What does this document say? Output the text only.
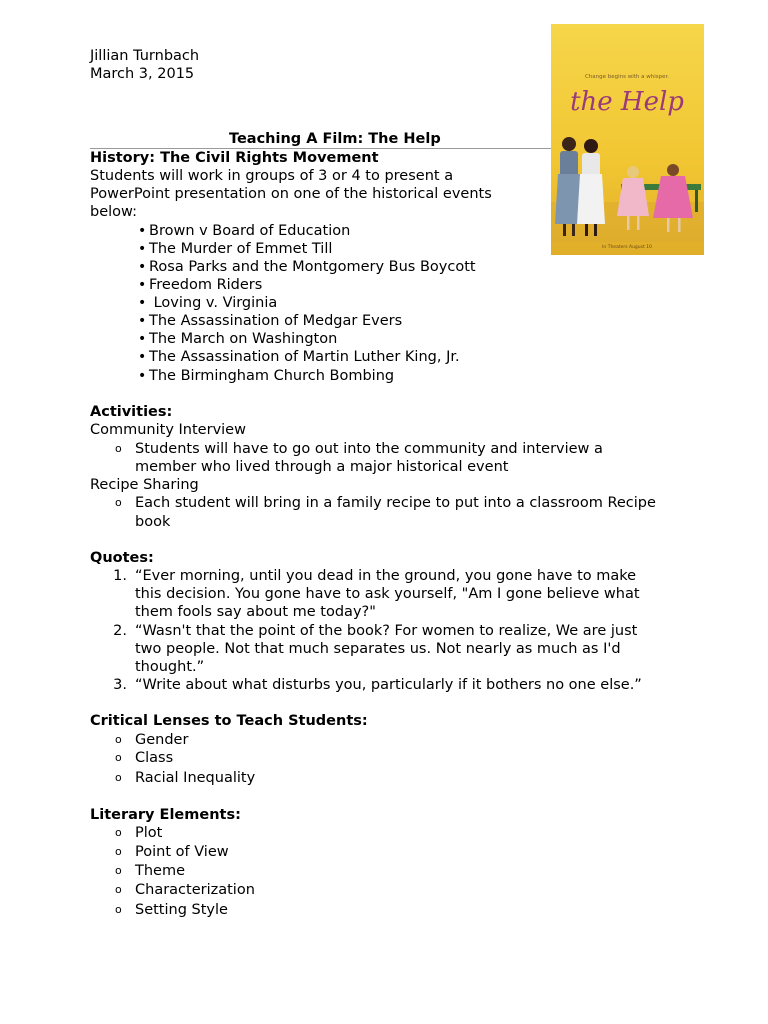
Jillian Turnbach
March 3, 2015
Teaching A Film: The Help
Change begins with a whisper.
the Help
In Theaters August 10
History: The Civil Rights Movement
Students will work in groups of 3 or 4 to present a
PowerPoint presentation on one of the historical events
below:
• Brown v Board of Education
• The Murder of Emmet Till
• Rosa Parks and the Montgomery Bus Boycott
• Freedom Riders
• Loving v. Virginia
• The Assassination of Medgar Evers
• The March on Washington
• The Assassination of Martin Luther King, Jr.
• The Birmingham Church Bombing
Activities:
Community Interview
o Students will have to go out into the community and interview a
member who lived through a major historical event
Recipe Sharing
o Each student will bring in a family recipe to put into a classroom Recipe
book
Quotes:
1. “Ever morning, until you dead in the ground, you gone have to make
this decision. You gone have to ask yourself, "Am I gone believe what
them fools say about me today?"
2. “Wasn't that the point of the book? For women to realize, We are just
two people. Not that much separates us. Not nearly as much as I'd
thought.”
3. “Write about what disturbs you, particularly if it bothers no one else.”
Critical Lenses to Teach Students:
o Gender
o Class
o Racial Inequality
Literary Elements:
o Plot
o Point of View
o Theme
o Characterization
o Setting Style
